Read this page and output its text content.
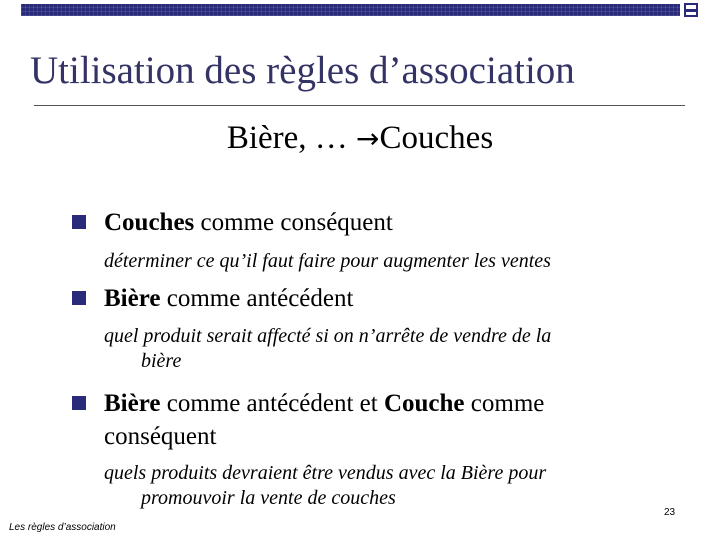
Utilisation des règles d’association
Bière, … →Couches
Couches comme conséquent
déterminer ce qu’il faut faire pour augmenter les ventes
Bière comme antécédent
quel produit serait affecté si on n’arrête de vendre de la
bière
Bière comme antécédent et Couche comme
conséquent
quels produits devraient être vendus avec la Bière pour
promouvoir la vente de couches
Les règles d’association
23
